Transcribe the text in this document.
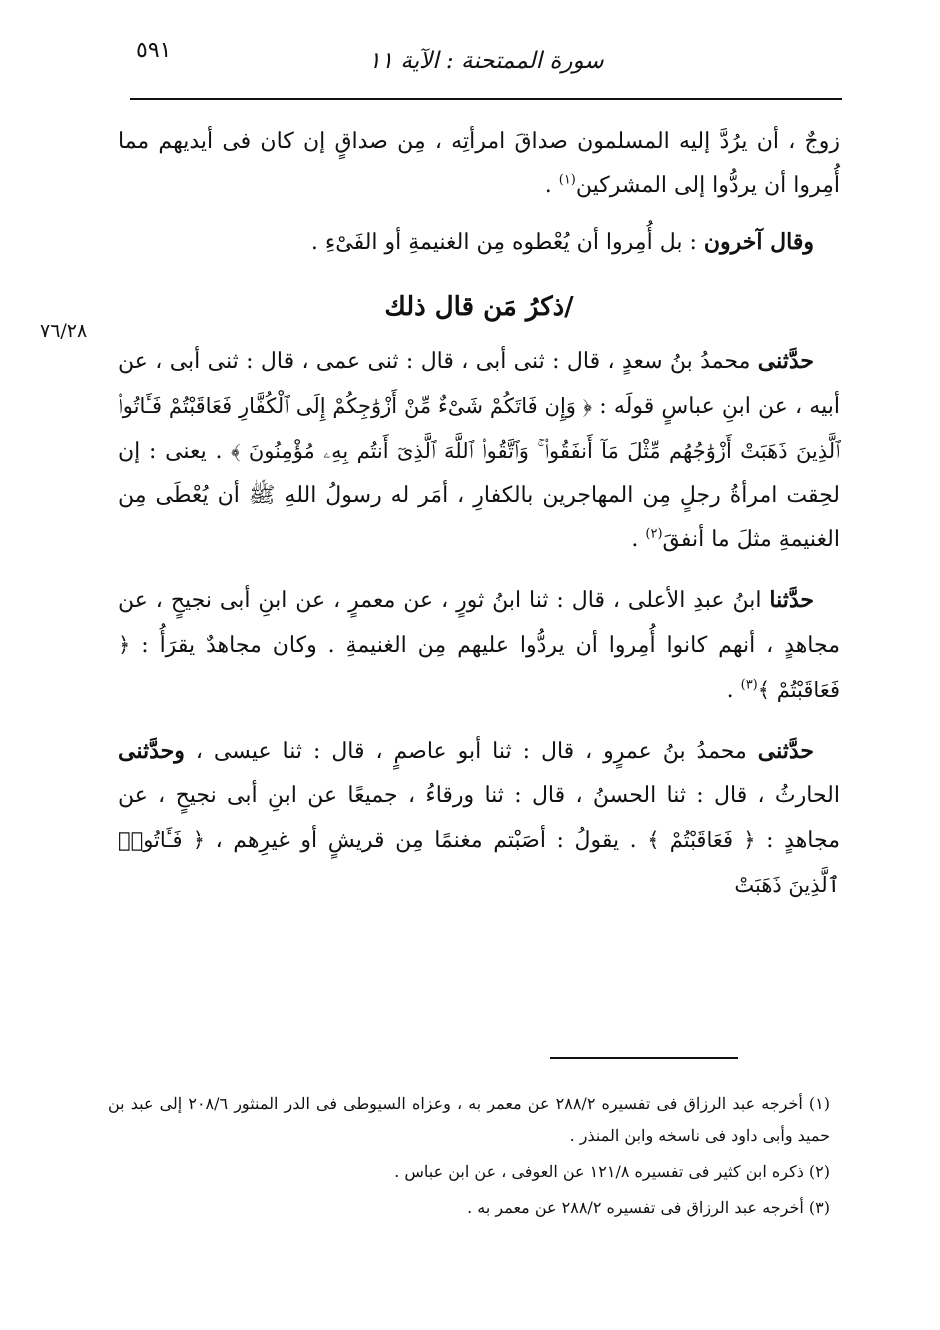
٥٩١	سورة الممتحنة : الآية ١١
٧٦/٢٨

زوجٌ ، أن يرُدَّ إليه المسلمون صداقَ امرأتِه ، مِن صداقٍ إن كان فى أيديهم مما أُمِروا أن يردُّوا إلى المشركين$^{(١)}$ .

وقال آخرون : بل أُمِروا أن يُعْطوه مِن الغنيمةِ أو الفَىْءِ .

/ذكرُ مَن قال ذلك

حدَّثنى محمدُ بنُ سعدٍ ، قال : ثنى أبى ، قال : ثنى عمى ، قال : ثنى أبى ، عن أبيه ، عن ابنِ عباسٍ قولَه : ﴿ وَإِن فَاتَكُمْ شَىْءٌ مِّنْ أَزْوَٰجِكُمْ إِلَى ٱلْكُفَّارِ فَعَاقَبْتُمْ فَـَٔاتُوا۟ ٱلَّذِينَ ذَهَبَتْ أَزْوَٰجُهُم مِّثْلَ مَآ أَنفَقُوا۟ ۚ وَٱتَّقُوا۟ ٱللَّهَ ٱلَّذِىٓ أَنتُم بِهِۦ مُؤْمِنُونَ ﴾ . يعنى : إن لحِقت امرأةُ رجلٍ مِن المهاجرين بالكفارِ ، أمَر له رسولُ اللهِ ﷺ أن يُعْطَى مِن الغنيمةِ مثلَ ما أنفقَ$^{(٢)}$ .

حدَّثنا ابنُ عبدِ الأعلى ، قال : ثنا ابنُ ثورٍ ، عن معمرٍ ، عن ابنِ أبى نجيحٍ ، عن مجاهدٍ ، أنهم كانوا أُمِروا أن يردُّوا عليهم مِن الغنيمةِ . وكان مجاهدٌ يقرَأُ : ﴿ فَعَاقَبْتُمْ ﴾$^{(٣)}$ .

حدَّثنى محمدُ بنُ عمرٍو ، قال : ثنا أبو عاصمٍ ، قال : ثنا عيسى ، وحدَّثنى الحارثُ ، قال : ثنا الحسنُ ، قال : ثنا ورقاءُ ، جميعًا عن ابنِ أبى نجيحٍ ، عن مجاهدٍ : ﴿ فَعَاقَبْتُمْ ﴾ . يقولُ : أصَبْتم مغنمًا مِن قريشٍ أو غيرِهم ، ﴿ فَـَٔاتُوا۟ ٱلَّذِينَ ذَهَبَتْ

(١) أخرجه عبد الرزاق فى تفسيره ٢٨٨/٢ عن معمر به ، وعزاه السيوطى فى الدر المنثور ٢٠٨/٦ إلى عبد بن حميد وأبى داود فى ناسخه وابن المنذر .

(٢) ذكره ابن كثير فى تفسيره ١٢١/٨ عن العوفى ، عن ابن عباس .

(٣) أخرجه عبد الرزاق فى تفسيره ٢٨٨/٢ عن معمر به .
